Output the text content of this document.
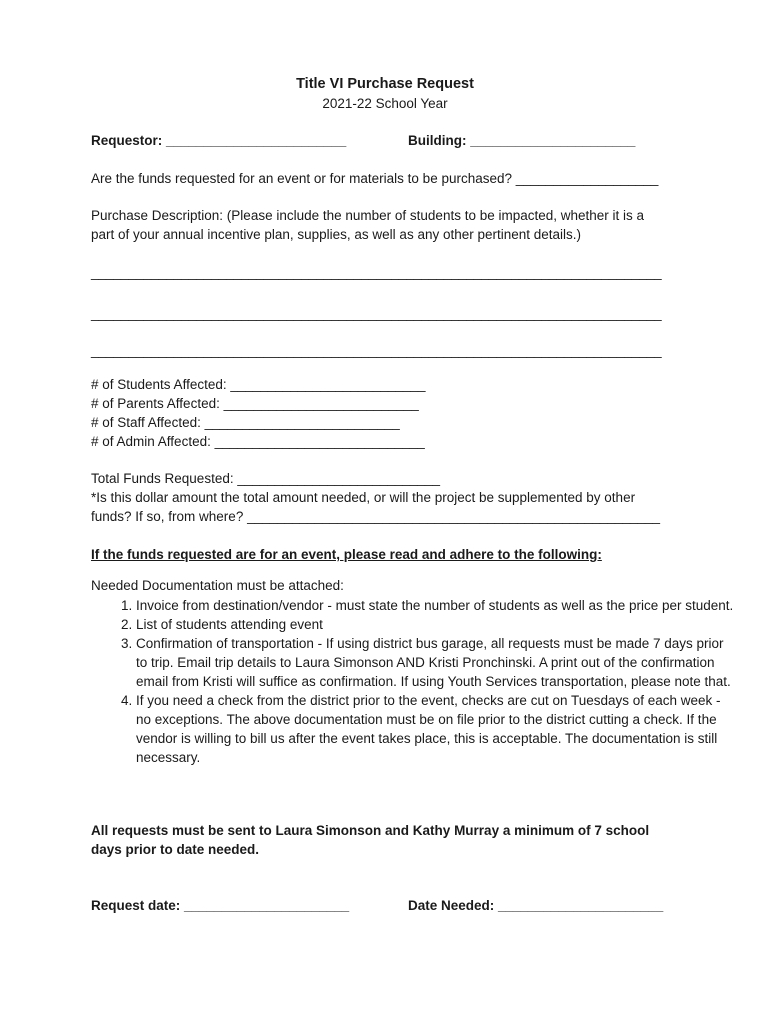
Title VI Purchase Request
2021-22 School Year
Requestor: ________________________	Building: ______________________
Are the funds requested for an event or for materials to be purchased? ___________________
Purchase Description: (Please include the number of students to be impacted, whether it is a
part of your annual incentive plan, supplies, as well as any other pertinent details.)
____________________________________________________________________________
____________________________________________________________________________
____________________________________________________________________________
# of Students Affected: __________________________
# of Parents Affected: __________________________
# of Staff Affected: __________________________
# of Admin Affected: ____________________________
Total Funds Requested: ___________________________
*Is this dollar amount the total amount needed, or will the project be supplemented by other
funds? If so, from where? _______________________________________________________
If the funds requested are for an event, please read and adhere to the following:
Needed Documentation must be attached:
1. Invoice from destination/vendor - must state the number of students as well as the price per student.
2. List of students attending event
3. Confirmation of transportation - If using district bus garage, all requests must be made 7 days prior to trip. Email trip details to Laura Simonson AND Kristi Pronchinski. A print out of the confirmation email from Kristi will suffice as confirmation. If using Youth Services transportation, please note that.
4. If you need a check from the district prior to the event, checks are cut on Tuesdays of each week - no exceptions. The above documentation must be on file prior to the district cutting a check. If the vendor is willing to bill us after the event takes place, this is acceptable. The documentation is still necessary.
All requests must be sent to Laura Simonson and Kathy Murray a minimum of 7 school
days prior to date needed.
Request date: ______________________	Date Needed: ______________________
